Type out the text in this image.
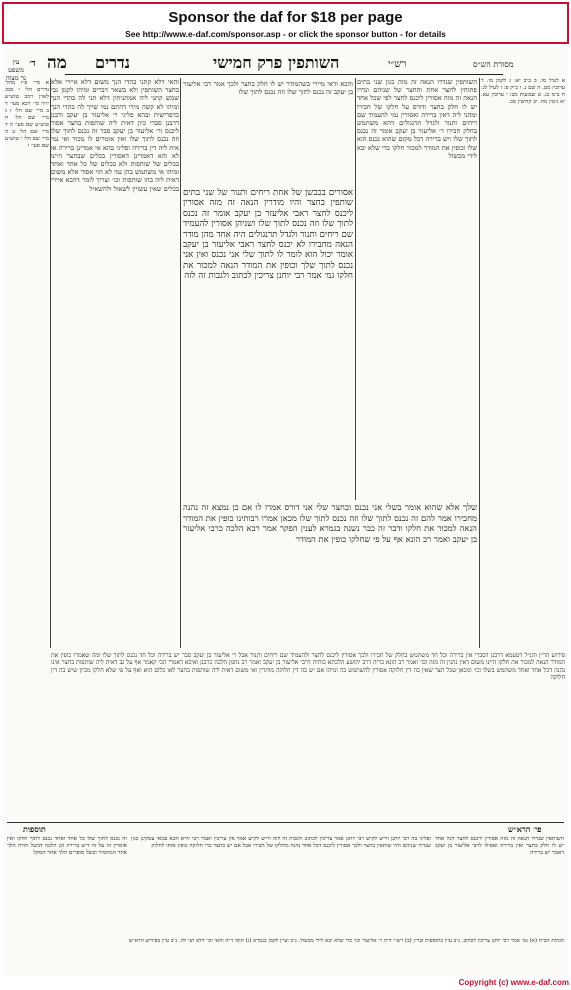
Sponsor the daf for $18 per page
See http://www.e-daf.com/sponsor.asp - or click the sponsor button - for details
עין משפט נר מצוה
ד׳ מה נדרים	השותפין פרק חמישי	רש״י	מסורת הש״ס
א מיי׳ פ״ז מהל׳ נדרים הל׳ ו סמג לאוין רמב טוש״ע יו״ד סי׳ רכא סעי׳ ד ב מיי׳ שם הל׳ ז ג מיי׳ שם הל׳ ח טוש״ע שם סעי׳ ה ד מיי׳ שם הל׳ ט ה מיי׳ שם הל׳ י טוש״ע שם סעי׳ ו
והאי דלא קתני בהדי הנך משום דלא איירי אלא בחצר השותפין ולא בשאר דברים ומיהו לקמן גבי שמש קתני ליה אמתניתין דלא תני לה בהדי הנך ומיהו לא קשה מידי דהתם נמי שייך לה בהדי הנך כדפרישית ובהא פליגי ר׳ אליעזר בן יעקב ורבנן דרבנן סברי כיון דאית ליה שותפות בחצר אסור ליכנס ור׳ אליעזר בן יעקב סבר זה נכנס לתוך שלו וזה נכנס לתוך שלו ואין אומרים לו מכור ואי נמי אית ליה דין ברירה ופליגי בהא אי אמרינן ברירה או לא והא דאמרינן דאסורין בכלים שבחצר היינו בכלים של שותפות ולא בכלים של כל אחד ואחד ומיהו אי משתמש בהן נמי לא הוי אסור אלא משום דאית ליה בהו שותפות וכו׳ וצריך לומר דהכא איירי בכלים שאין עשויין לשאול ולהשאיל
והכא ודאי מיירי בשהמודר יש לו חלק בחצר ולכך אמר רבי אליעזר בן יעקב זה נכנס לתוך שלו וזה נכנס לתוך שלו
אסורים בכבשן של אחת ריחים ותנור של שני בתים שותפין בחצר והיו מודרין הנאה זה מזה אסורין ליכנס לחצר ראבי אליעזר בן יעקב אומר זה נכנס לתוך שלו וזה נכנס לתוך שלו ושניהן אסורין להעמיד שם ריחים ותנור ולגדל תרנגולים היה אחד מהן מודר הנאה מחבירו לא יכנס לחצר ראבי אליעזר בן יעקב אומר יכול הוא לומר לו לתוך שלי אני נכנס ואין אני נכנס לתוך שלך וכופין את המודר הנאה למכור את חלקו גמ׳ אמר רבי יוחנן צריכין לכתוב ולגבות זה לזה
השותפין שנדרו הנאה זה מזה כגון שני בתים פתוחין לחצר אחת והחצר של שניהם ונדרו הנאה זה מזה אסורין ליכנס לחצר לפי שכל אחד יש לו חלק בחצר ודורס על חלקו של חבירו ומהני ליה דאין ברירה ואסורין נמי להעמיד שם ריחים ותנור ולגדל תרנגולים דהא משתמש בחלק חבירו ר׳ אליעזר בן יעקב אומר זה נכנס לתוך שלו ויש ברירה דכל מקום שהוא נכנס הוא שלו וכופין את המודר למכור חלקו כדי שלא יבא לידי מכשול
שלך אלא שהוא אומר בשלי אני נכנס ובחצר שלי אני דורס אמרו לו אם כן נמצא זה נהנה מחבירו אמר להם זה נכנס לתוך שלו וזה נכנס לתוך שלו מכאן אמרו רבותינו כופין את המודר הנאה למכור את חלקו ודבר זה כבר נשנה בגמרא לענין הפקר אמר רבא הלכה כרבי אליעזר בן יעקב ואמר רב הונא אף על פי שחלקו כופין את המודר
א לעיל מו. ב ב״ב יא: ג לקמן מו. ד ערובין מט. ה שם נ. ו ב״ק פ: ז לעיל לג: ח ב״מ כג. ט שבועות מב: י ערובין עא. יא גיטין מח. יב קדושין מב.
פירוש הר״ן והנ״ל דטעמא דרבנן דסברי אין ברירה וכל חד משתמש בחלק של חבירו ולכך אסורין ליכנס לחצר ולהעמיד שם ריחים ותנור אבל ר׳ אליעזר בן יעקב סבר יש ברירה וכל חד נכנס לתוך שלו ומה שאמרו כופין את המודר הנאה למכור את חלקו היינו משום דאין נהנין זה מזה וכו׳ ואמר רב הונא בריה דרב יהושע הלכתא כותיה דרבי אליעזר בן יעקב ואמר רב נחמן הלכה כרבנן ואיכא דאמרי הכי קאמר אף על גב דאית ליה שותפות בחצר אינו נהנה דכל אחד ואחד משתמש בשלו וכו׳ ומכאן שכל חצר שאין בה דין חלוקה אסורין להשתמש בה ומיהו אם יש בה דין חלוקה מותרין ואי משום דאית ליה שותפות בחצר לאו כלום הוא ואף על פי שלא חלקו מכיון שיש בה דין חלוקה
תוספות	פי׳ הרא״ש
זה נכנס לתוך שלו כל אחד ואחד נכנס לתוך חלקו ואין אוסרין זה על זה דיש ברירה וכן הלכה דבשל תורה הלך אחר המחמיר ובשל סופרים הלך אחר המקל
ופליגי בה רבי יוחנן וריש לקיש רבי יוחנן אמר צריכין לכתוב ולגבות זה לזה וריש לקיש אמר אין צריכין ואמר רבי זירא הכא במאי עסקינן כגון שנדרו שניהם והיו שותפין בחצר ולכך אסורין ליכנס דכל אחד נהנה מחלקו של חבירו אבל אם יש בחצר כדי חלוקה כופין אותו לחלוק
השותפין שנדרו הנאה זה מזה אסורין ליכנס לחצר דכל אחד יש לו חלק בחצר ואין ברירה ואפילו לרבי אליעזר בן יעקב דאמר יש ברירה
הגהות הב״ח (א) גמ׳ אמר רבי יוחנן צריכין לכתוב. נ״ב עיין בתוספות ובר״ן (ב) רש״י ד״ה ר׳ אליעזר וכו׳ כדי שלא יבא לידי מכשול. נ״ב ועיין לקמן בגמרא (ג) תוס׳ ד״ה והאי וכו׳ דלא תני לה. נ״ב עיין בפירוש הרא״ש
Copyright (c) www.e-daf.com
